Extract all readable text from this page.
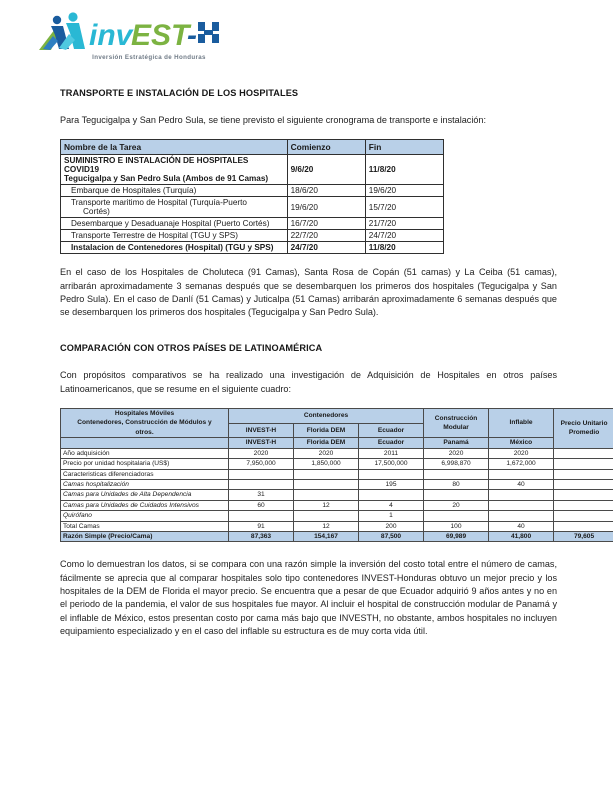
inv
EST
-
Inversión Estratégica de Honduras
TRANSPORTE E INSTALACIÓN DE LOS HOSPITALES

Para Tegucigalpa y San Pedro Sula, se tiene previsto el siguiente cronograma de transporte e instalación:

Nombre de la Tarea	Comienzo	Fin
SUMINISTRO E INSTALACIÓN DE HOSPITALES COVID19
Tegucigalpa y San Pedro Sula (Ambos de 91 Camas)	9/6/20	11/8/20
Embarque de Hospitales (Turquía)	18/6/20	19/6/20
Transporte maritimo de Hospital (Turquía-Puerto
Cortés)	19/6/20	15/7/20
Desembarque y Desaduanaje Hospital (Puerto Cortés)	16/7/20	21/7/20
Transporte Terrestre de Hospital (TGU y SPS)	22/7/20	24/7/20
Instalacion de Contenedores (Hospital) (TGU y SPS)	24/7/20	11/8/20

En el caso de los Hospitales de Choluteca (91 Camas), Santa Rosa de Copán (51 camas) y La Ceiba (51 camas), arribarán aproximadamente 3 semanas después que se desembarquen los primeros dos hospitales (Tegucigalpa y San Pedro Sula). En el caso de Danlí (51 Camas) y Juticalpa (51 Camas) arribarán aproximadamente 6 semanas después que se desembarquen los primeros dos hospitales (Tegucigalpa y San Pedro Sula).

COMPARACIÓN CON OTROS PAÍSES DE LATINOAMÉRICA

Con propósitos comparativos se ha realizado una investigación de Adquisición de Hospitales en otros países Latinoamericanos, que se resume en el siguiente cuadro:

Hospitales Móviles
Contenedores, Construcción de Módulos y
otros.	Contenedores			Construcción Modular	Inflable	Precio Unitario Promedio
	INVEST-H	Florida DEM	Ecuador			
	INVEST-H	Florida DEM	Ecuador	Panamá	México	
Año adquisición	2020	2020	2011	2020	2020	
Precio por unidad hospitalaria (US$)	7,950,000	1,850,000	17,500,000	6,998,870	1,672,000	
Caracteristicas diferenciadoras						
Camas hospitalización			195	80	40	
Camas para Unidades de Alta Dependencia	31					
Camas para Unidades de Cuidados Intensivos	60	12	4	20		
Quirófano			1			
Total Camas	91	12	200	100	40	
Razón Simple (Precio/Cama)	87,363	154,167	87,500	69,989	41,800	79,605

Como lo demuestran los datos, si se compara con una razón simple la inversión del costo total entre el número de camas, fácilmente se aprecia que al comparar hospitales solo tipo contenedores INVEST-Honduras obtuvo un mejor precio y los hospitales de la DEM de Florida el mayor precio. Se encuentra que a pesar de que Ecuador adquirió 9 años antes y no en el periodo de la pandemia, el valor de sus hospitales fue mayor. Al incluir el hospital de construcción modular de Panamá y el inflable de México, estos presentan costo por cama más bajo que INVESTH, no obstante, ambos hospitales no incluyen equipamiento especializado y en el caso del inflable su estructura es de muy corta vida útil.
